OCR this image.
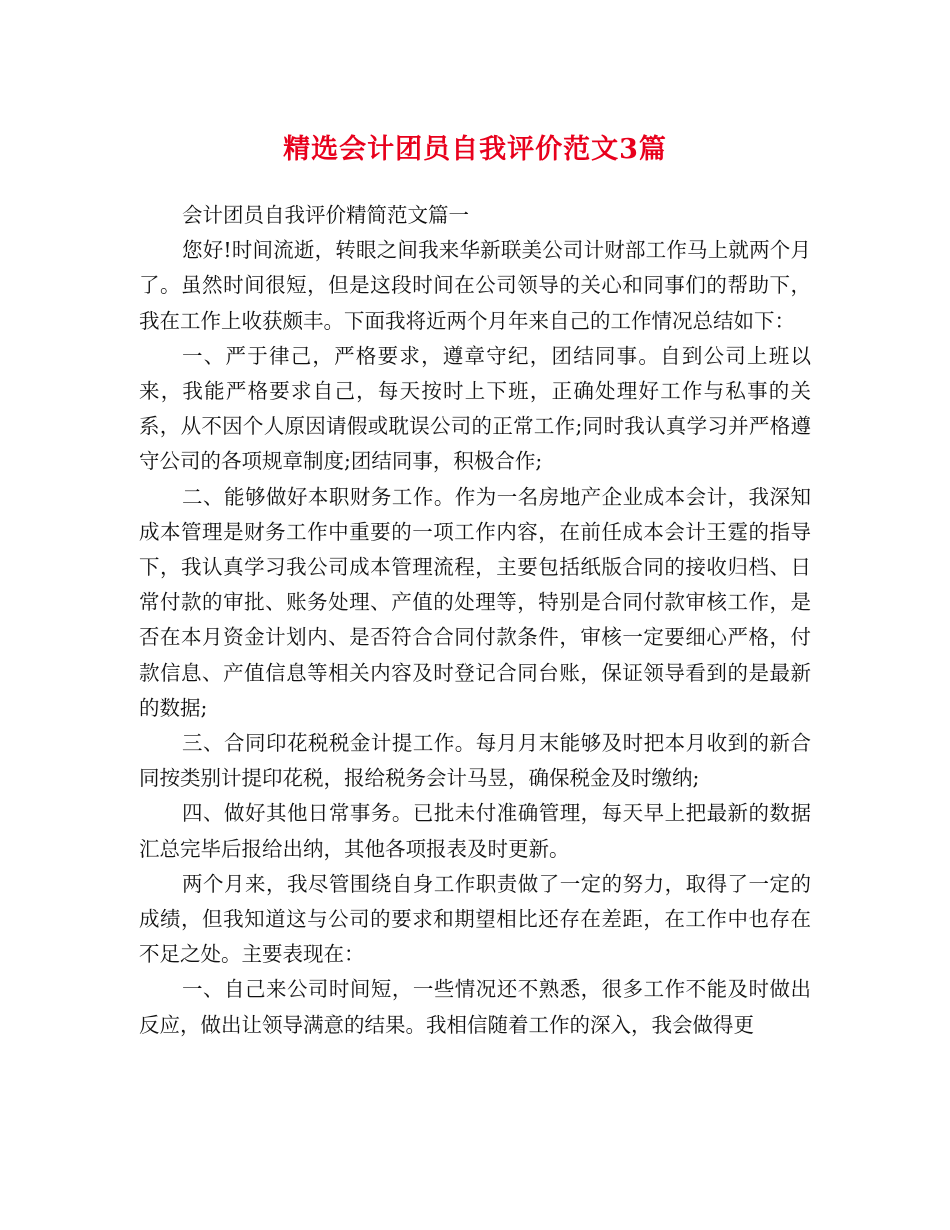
精选会计团员自我评价范文3篇

会计团员自我评价精简范文篇一

您好!时间流逝，转眼之间我来华新联美公司计财部工作马上就两个月了。虽然时间很短，但是这段时间在公司领导的关心和同事们的帮助下，我在工作上收获颇丰。下面我将近两个月年来自己的工作情况总结如下：

一、严于律己，严格要求，遵章守纪，团结同事。自到公司上班以来，我能严格要求自己，每天按时上下班，正确处理好工作与私事的关系，从不因个人原因请假或耽误公司的正常工作;同时我认真学习并严格遵守公司的各项规章制度;团结同事，积极合作;

二、能够做好本职财务工作。作为一名房地产企业成本会计，我深知成本管理是财务工作中重要的一项工作内容，在前任成本会计王霆的指导下，我认真学习我公司成本管理流程，主要包括纸版合同的接收归档、日常付款的审批、账务处理、产值的处理等，特别是合同付款审核工作，是否在本月资金计划内、是否符合合同付款条件，审核一定要细心严格，付款信息、产值信息等相关内容及时登记合同台账，保证领导看到的是最新的数据;

三、合同印花税税金计提工作。每月月末能够及时把本月收到的新合同按类别计提印花税，报给税务会计马昱，确保税金及时缴纳;

四、做好其他日常事务。已批未付准确管理，每天早上把最新的数据汇总完毕后报给出纳，其他各项报表及时更新。

两个月来，我尽管围绕自身工作职责做了一定的努力，取得了一定的成绩，但我知道这与公司的要求和期望相比还存在差距，在工作中也存在不足之处。主要表现在：

一、自己来公司时间短，一些情况还不熟悉，很多工作不能及时做出反应，做出让领导满意的结果。我相信随着工作的深入，我会做得更
